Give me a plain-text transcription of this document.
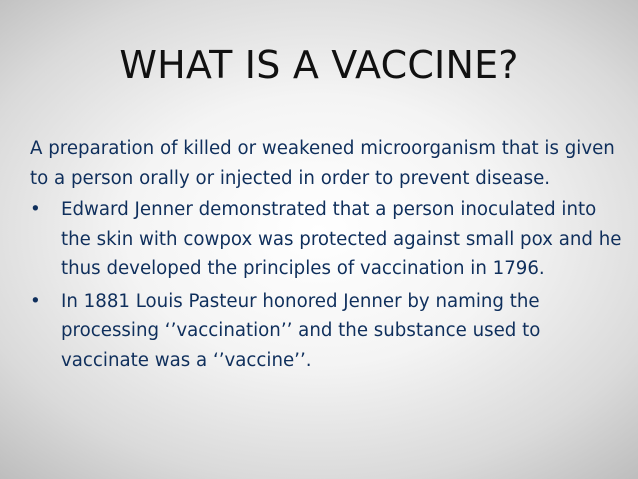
WHAT IS A VACCINE?

A preparation of killed or weakened microorganism that is given to a person orally or injected in order to prevent disease.

•	Edward Jenner demonstrated that a person inoculated into the skin with cowpox was protected against small pox and he thus developed the principles of vaccination in 1796.
•	In 1881 Louis Pasteur honored Jenner by naming the processing ‘’vaccination’’ and the substance used to vaccinate was a ‘’vaccine’’.
